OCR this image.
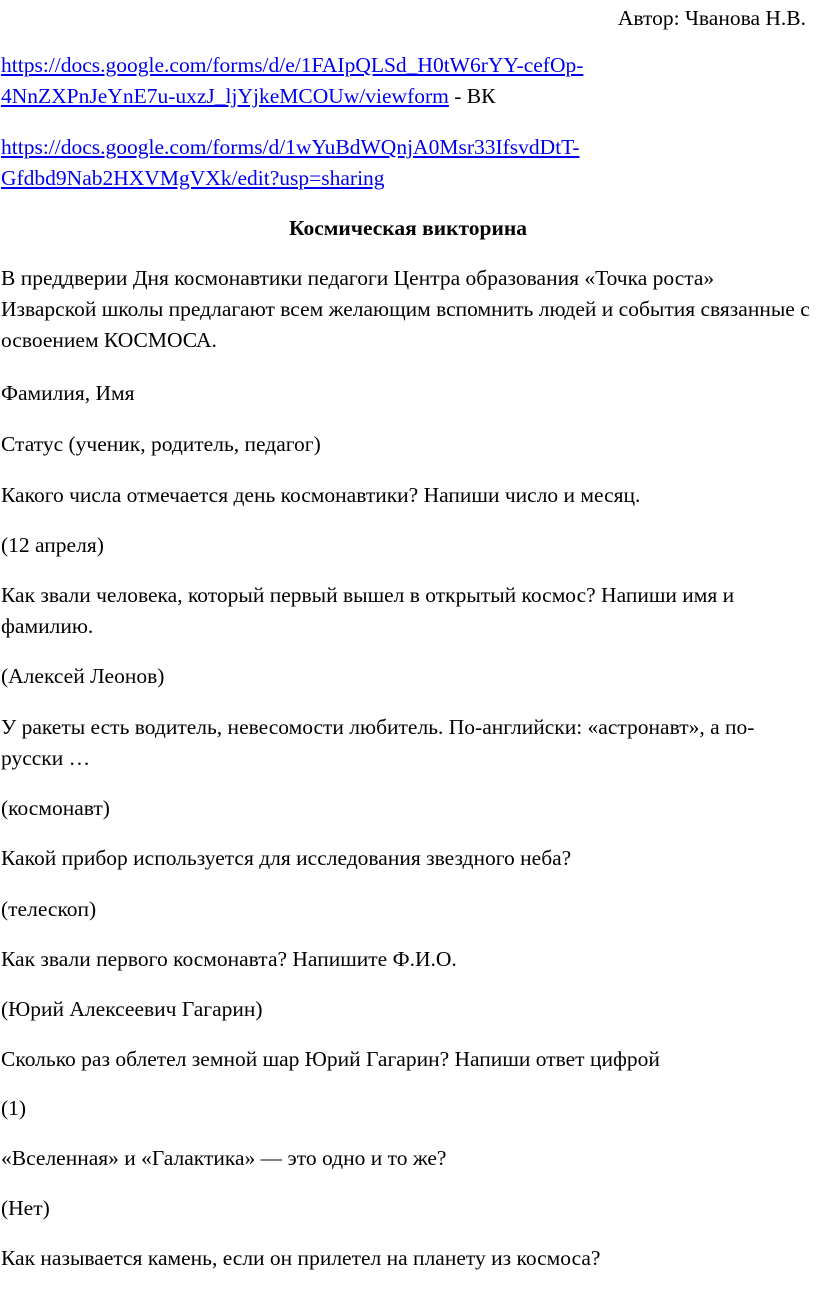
Автор: Чванова Н.В.

https://docs.google.com/forms/d/e/1FAIpQLSd_H0tW6rYY-cefOp-
4NnZXPnJeYnE7u-uxzJ_ljYjkeMCOUw/viewform - ВК

https://docs.google.com/forms/d/1wYuBdWQnjA0Msr33IfsvdDtT-
Gfdbd9Nab2HXVMgVXk/edit?usp=sharing

Космическая викторина

В преддверии Дня космонавтики педагоги Центра образования «Точка роста» Изварской школы предлагают всем желающим вспомнить людей и события связанные с освоением КОСМОСА.

Фамилия, Имя

Статус (ученик, родитель, педагог)

Какого числа отмечается день космонавтики? Напиши число и месяц.

(12 апреля)

Как звали человека, который первый вышел в открытый космос? Напиши имя и фамилию.

(Алексей Леонов)

У ракеты есть водитель, невесомости любитель. По-английски: «астронавт», а по-русски …

(космонавт)

Какой прибор используется для исследования звездного неба?

(телескоп)

Как звали первого космонавта? Напишите Ф.И.О.

(Юрий Алексеевич Гагарин)

Сколько раз облетел земной шар Юрий Гагарин? Напиши ответ цифрой

(1)

«Вселенная» и «Галактика» — это одно и то же?

(Нет)

Как называется камень, если он прилетел на планету из космоса?
